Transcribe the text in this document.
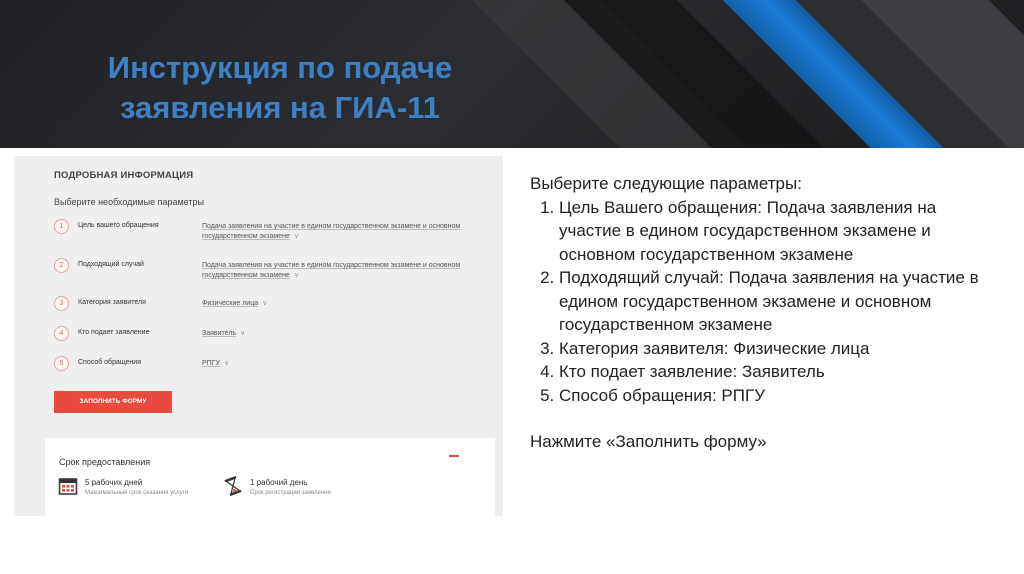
Инструкция по подаче
заявления на ГИА-11
ПОДРОБНАЯ ИНФОРМАЦИЯ
Выберите необходимые параметры
1	Цель вашего обращения	Подача заявления на участие в едином государственном экзамене и основном
государственном экзамене ∨
2	Подходящий случай	Подача заявления на участие в едином государственном экзамене и основном
государственном экзамене ∨
3	Категория заявителя	Физические лица ∨
4	Кто подает заявление	Заявитель ∨
5	Способ обращения	РПГУ ∨
ЗАПОЛНИТЬ ФОРМУ
Срок предоставления
5 рабочих дней
Максимальный срок оказания услуги
1 рабочий день
Срок регистрации заявления
Выберите следующие параметры:
1. Цель Вашего обращения: Подача заявления на участие в едином государственном экзамене и основном государственном экзамене
2. Подходящий случай: Подача заявления на участие в едином государственном экзамене и основном государственном экзамене
3. Категория заявителя: Физические лица
4. Кто подает заявление: Заявитель
5. Способ обращения: РПГУ
Нажмите «Заполнить форму»
